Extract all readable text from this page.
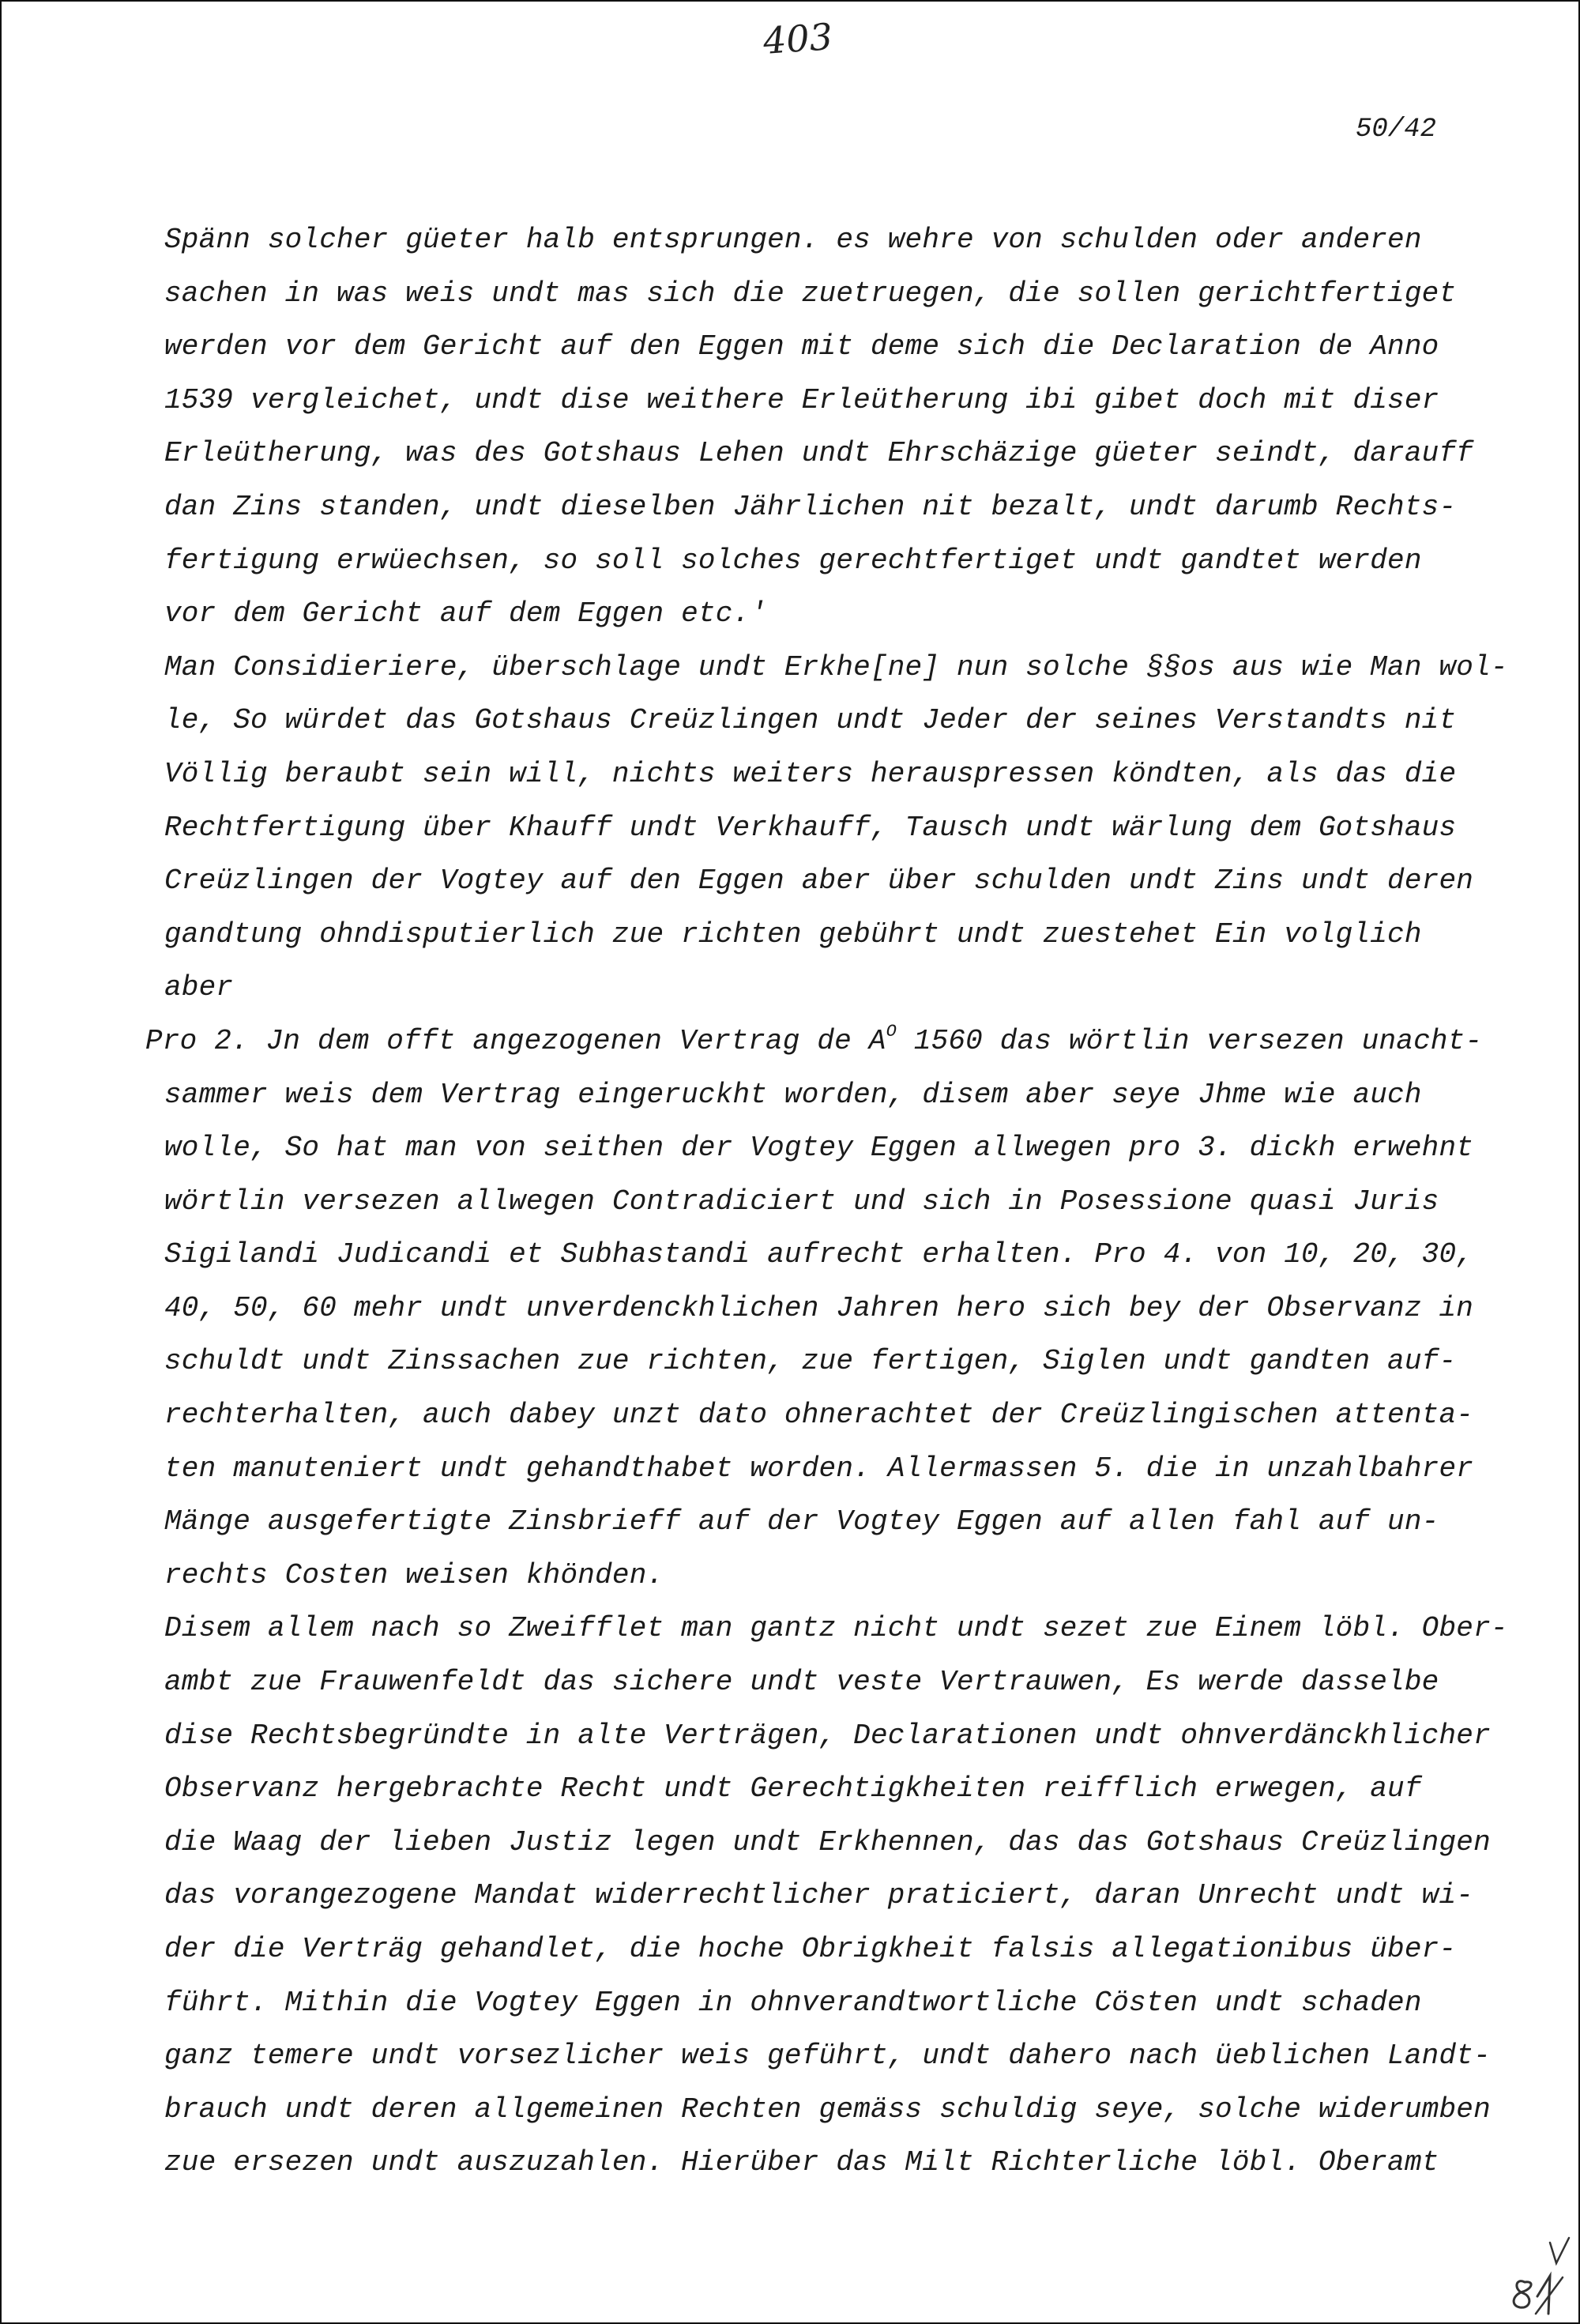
403
50/42
Spänn solcher güeter halb entsprungen. es wehre von schulden oder anderen
sachen in was weis undt mas sich die zuetruegen, die sollen gerichtfertiget
werden vor dem Gericht auf den Eggen mit deme sich die Declaration de Anno
1539 vergleichet, undt dise weithere Erleütherung ibi gibet doch mit diser
Erleütherung, was des Gotshaus Lehen undt Ehrschäzige güeter seindt, darauff
dan Zins standen, undt dieselben Jährlichen nit bezalt, undt darumb Rechts-
fertigung erwüechsen, so soll solches gerechtfertiget undt gandtet werden
vor dem Gericht auf dem Eggen etc.'
Man Considieriere, überschlage undt Erkhe[ne] nun solche §§os aus wie Man wol-
le, So würdet das Gotshaus Creüzlingen undt Jeder der seines Verstandts nit
Völlig beraubt sein will, nichts weiters herauspressen köndten, als das die
Rechtfertigung über Khauff undt Verkhauff, Tausch undt wärlung dem Gotshaus
Creüzlingen der Vogtey auf den Eggen aber über schulden undt Zins undt deren
gandtung ohndisputierlich zue richten gebührt undt zuestehet Ein volglich
aber
Pro 2. Jn dem offt angezogenen Vertrag de $A^O$ 1560 das wörtlin versezen unacht-
sammer weis dem Vertrag eingeruckht worden, disem aber seye Jhme wie auch
wolle, So hat man von seithen der Vogtey Eggen allwegen pro 3. dickh erwehnt
wörtlin versezen allwegen Contradiciert und sich in Posessione quasi Juris
Sigilandi Judicandi et Subhastandi aufrecht erhalten. Pro 4. von 10, 20, 30,
40, 50, 60 mehr undt unverdenckhlichen Jahren hero sich bey der Observanz in
schuldt undt Zinssachen zue richten, zue fertigen, Siglen undt gandten auf-
rechterhalten, auch dabey unzt dato ohnerachtet der Creüzlingischen attenta-
ten manuteniert undt gehandthabet worden. Allermassen 5. die in unzahlbahrer
Mänge ausgefertigte Zinsbrieff auf der Vogtey Eggen auf allen fahl auf un-
rechts Costen weisen khönden.
Disem allem nach so Zweifflet man gantz nicht undt sezet zue Einem löbl. Ober-
ambt zue Frauwenfeldt das sichere undt veste Vertrauwen, Es werde dasselbe
dise Rechtsbegründte in alte Verträgen, Declarationen undt ohnverdänckhlicher
Observanz hergebrachte Recht undt Gerechtigkheiten reifflich erwegen, auf
die Waag der lieben Justiz legen undt Erkhennen, das das Gotshaus Creüzlingen
das vorangezogene Mandat widerrechtlicher praticiert, daran Unrecht undt wi-
der die Verträg gehandlet, die hoche Obrigkheit falsis allegationibus über-
führt. Mithin die Vogtey Eggen in ohnverandtwortliche Cösten undt schaden
ganz temere undt vorsezlicher weis geführt, undt dahero nach üeblichen Landt-
brauch undt deren allgemeinen Rechten gemäss schuldig seye, solche widerumben
zue ersezen undt auszuzahlen. Hierüber das Milt Richterliche löbl. Oberamt
